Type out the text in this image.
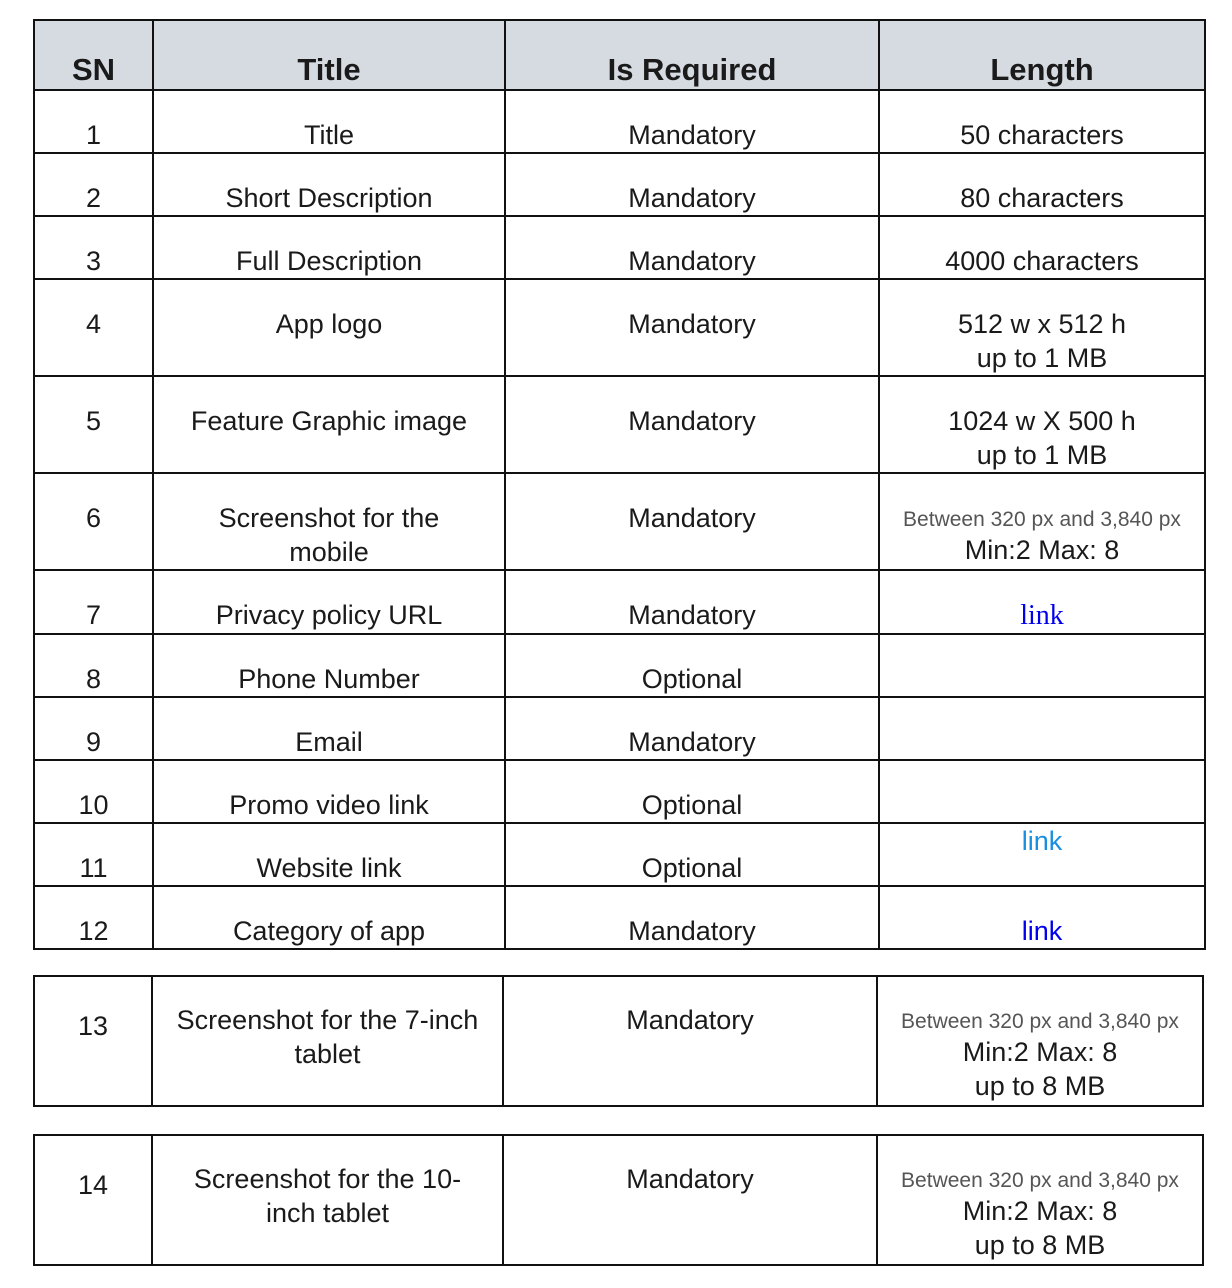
SN	Title	Is Required	Length
1	Title	Mandatory	50 characters
2	Short Description	Mandatory	80 characters
3	Full Description	Mandatory	4000 characters
4	App logo	Mandatory	512 w x 512 h
up to 1 MB
5	Feature Graphic image	Mandatory	1024 w X 500 h
up to 1 MB
6	Screenshot for the
mobile	Mandatory	Between 320 px and 3,840 px
Min:2 Max: 8
7	Privacy policy URL	Mandatory	link
8	Phone Number	Optional	
9	Email	Mandatory	
10	Promo video link	Optional	
11	Website link	Optional	link
12	Category of app	Mandatory	link
13	Screenshot for the 7-inch
tablet	Mandatory	Between 320 px and 3,840 px
Min:2 Max: 8
up to 8 MB
14	Screenshot for the 10-
inch tablet	Mandatory	Between 320 px and 3,840 px
Min:2 Max: 8
up to 8 MB
